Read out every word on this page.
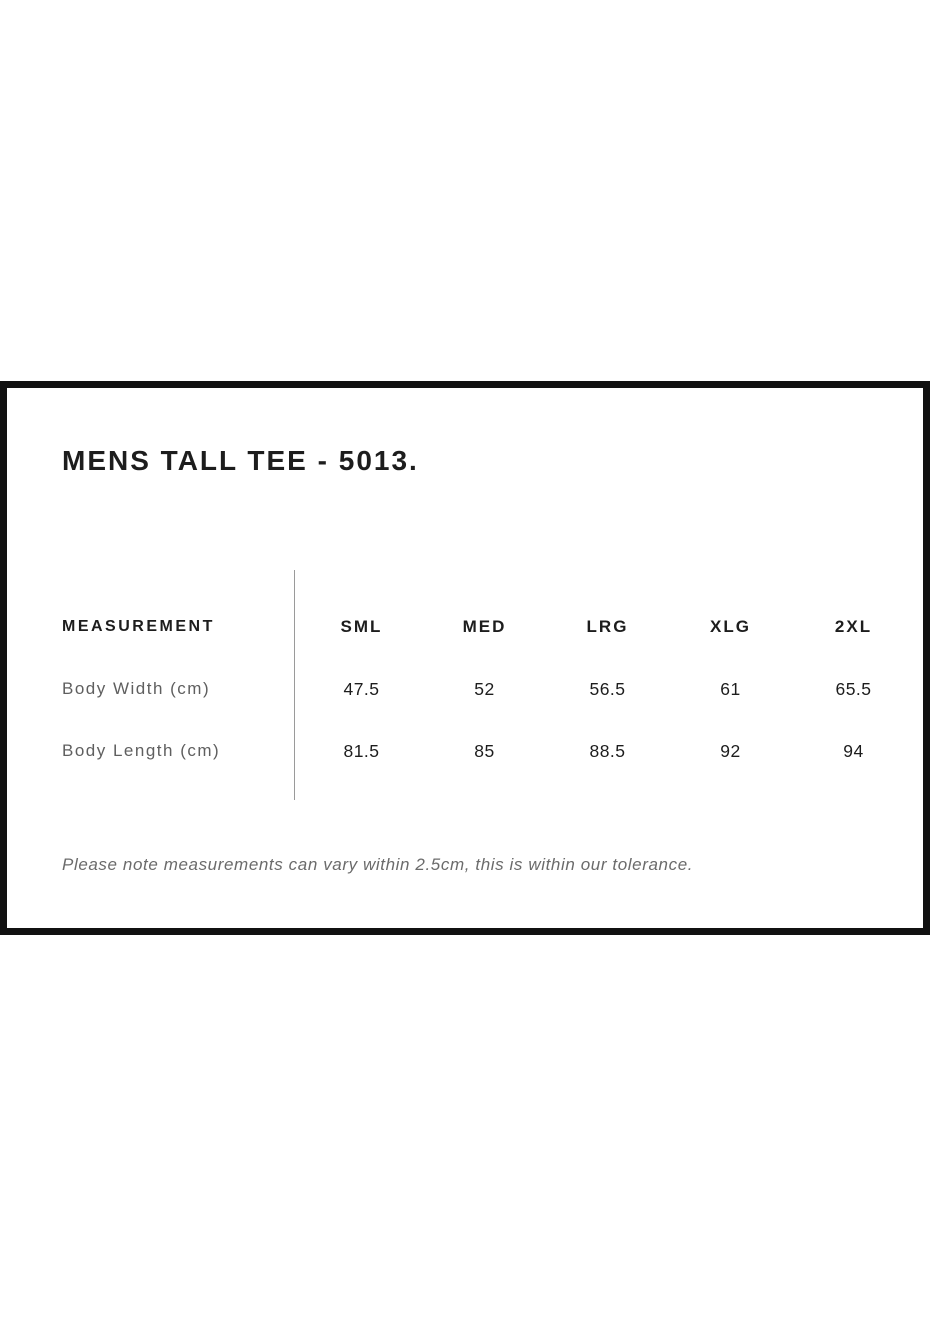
MENS TALL TEE - 5013.
MEASUREMENT	SML	MED	LRG	XLG	2XL
Body Width (cm)	47.5	52	56.5	61	65.5
Body Length (cm)	81.5	85	88.5	92	94
Please note measurements can vary within 2.5cm, this is within our tolerance.
